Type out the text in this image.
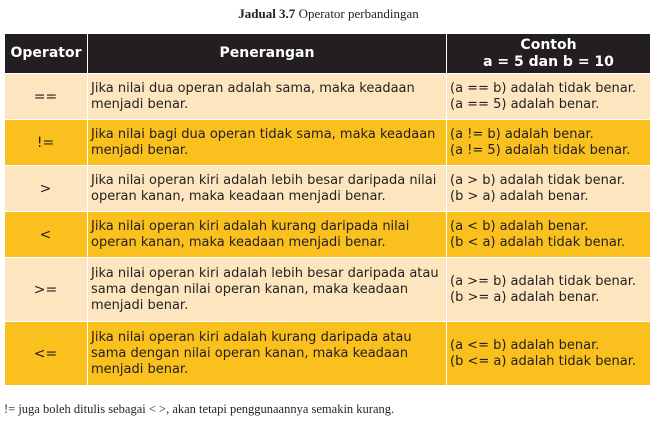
Jadual 3.7 Operator perbandingan
Operator	Penerangan	Contoh
a = 5 dan b = 10

==	Jika nilai dua operan adalah sama, maka keadaan menjadi benar.	(a == b) adalah tidak benar.
(a == 5) adalah benar.

!=	Jika nilai bagi dua operan tidak sama, maka keadaan menjadi benar.	(a != b) adalah benar.
(a != 5) adalah tidak benar.

>	Jika nilai operan kiri adalah lebih besar daripada nilai operan kanan, maka keadaan menjadi benar.	(a > b) adalah tidak benar.
(b > a) adalah benar.

<	Jika nilai operan kiri adalah kurang daripada nilai operan kanan, maka keadaan menjadi benar.	(a < b) adalah benar.
(b < a) adalah tidak benar.

>=	Jika nilai operan kiri adalah lebih besar daripada atau sama dengan nilai operan kanan, maka keadaan menjadi benar.	(a >= b) adalah tidak benar.
(b >= a) adalah benar.

<=	Jika nilai operan kiri adalah kurang daripada atau sama dengan nilai operan kanan, maka keadaan menjadi benar.	(a <= b) adalah benar.
(b <= a) adalah tidak benar.
!= juga boleh ditulis sebagai < >, akan tetapi penggunaannya semakin kurang.
